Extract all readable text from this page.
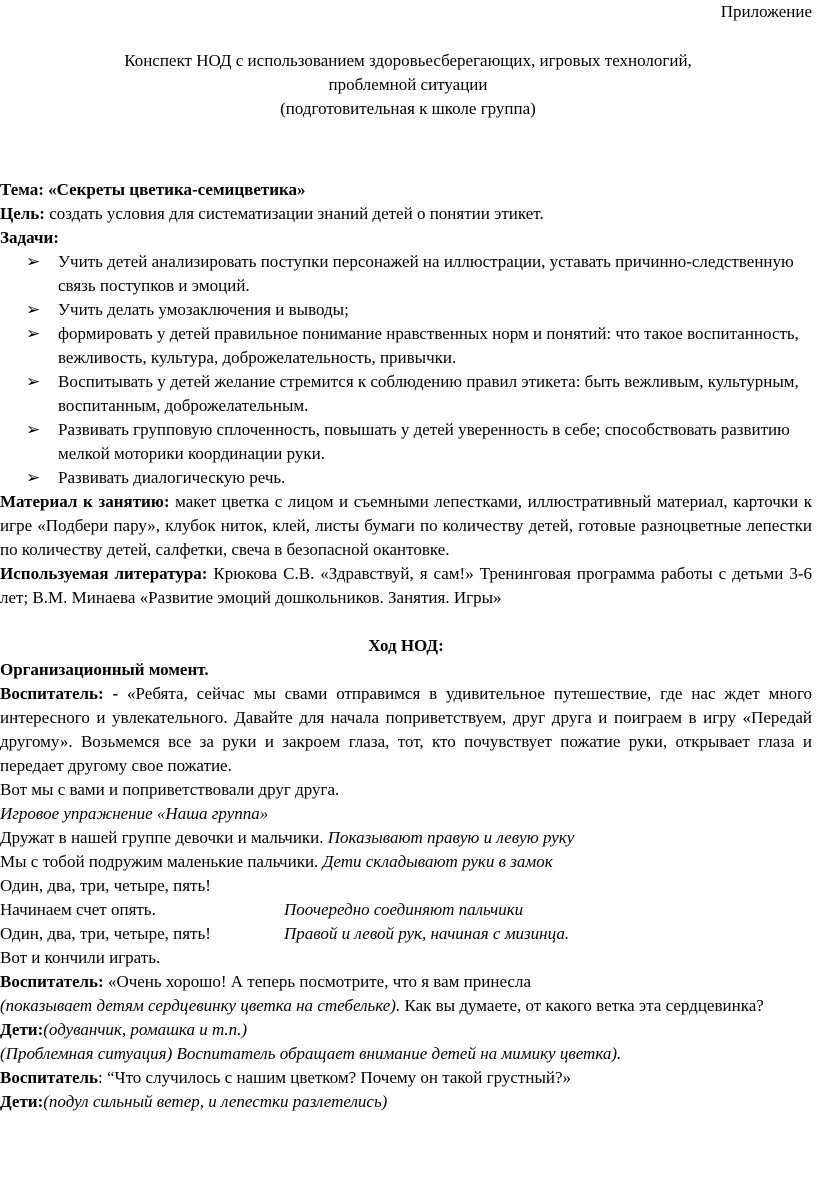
Приложение
Конспект НОД с использованием здоровьесберегающих, игровых технологий,
проблемной ситуации
(подготовительная к школе группа)

Тема: «Секреты цветика-семицветика»

Цель: создать условия для систематизации знаний детей о понятии этикет.

Задачи:

➢ Учить детей анализировать поступки персонажей на иллюстрации, уставать причинно-следственную связь поступков и эмоций.
➢ Учить делать умозаключения и выводы;
➢ формировать у детей правильное понимание нравственных норм и понятий: что такое воспитанность, вежливость, культура, доброжелательность, привычки.
➢ Воспитывать у детей желание стремится к соблюдению правил этикета: быть вежливым, культурным, воспитанным, доброжелательным.
➢ Развивать групповую сплоченность, повышать у детей уверенность в себе; способствовать развитию мелкой моторики координации руки.
➢ Развивать диалогическую речь.

Материал к занятию: макет цветка с лицом и съемными лепестками, иллюстративный материал, карточки к игре «Подбери пару», клубок ниток, клей, листы бумаги по количеству детей, готовые разноцветные лепестки по количеству детей, салфетки, свеча в безопасной окантовке.

Используемая литература: Крюкова С.В. «Здравствуй, я сам!» Тренинговая программа работы с детьми 3-6 лет; В.М. Минаева «Развитие эмоций дошкольников. Занятия. Игры»

Ход НОД:

Организационный момент.

Воспитатель: - «Ребята, сейчас мы свами отправимся в удивительное путешествие, где нас ждет много интересного и увлекательного. Давайте для начала поприветствуем, друг друга и поиграем в игру «Передай другому». Возьмемся все за руки и закроем глаза, тот, кто почувствует пожатие руки, открывает глаза и передает другому свое пожатие.

Вот мы с вами и поприветствовали друг друга.

Игровое упражнение «Наша группа»

Дружат в нашей группе девочки и мальчики. Показывают правую и левую руку

Мы с тобой подружим маленькие пальчики. Дети складывают руки в замок

Один, два, три, четыре, пять!

Начинаем счет опять.	Поочередно соединяют пальчики

Один, два, три, четыре, пять!	Правой и левой рук, начиная с мизинца.

Вот и кончили играть.

Воспитатель: «Очень хорошо! А теперь посмотрите, что я вам принесла
(показывает детям сердцевинку цветка на стебельке). Как вы думаете, от какого ветка эта сердцевинка?

Дети:(одуванчик, ромашка и т.п.)

(Проблемная ситуация) Воспитатель обращает внимание детей на мимику цветка).

Воспитатель: “Что случилось с нашим цветком? Почему он такой грустный?»

Дети:(подул сильный ветер, и лепестки разлетелись)
